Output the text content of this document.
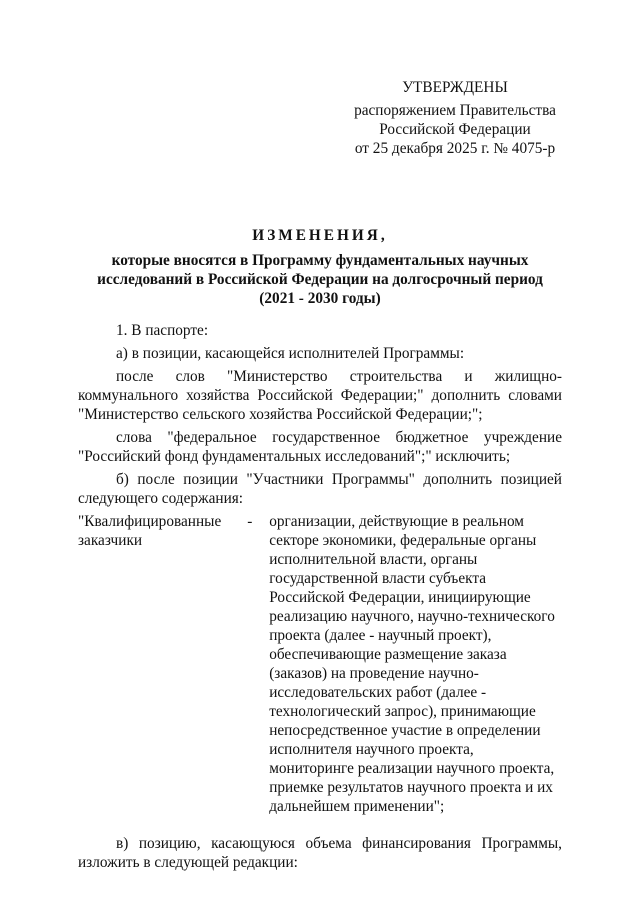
УТВЕРЖДЕНЫ
распоряжением Правительства
Российской Федерации
от 25 декабря 2025 г. № 4075-р
ИЗМЕНЕНИЯ,
которые вносятся в Программу фундаментальных научных
исследований в Российской Федерации на долгосрочный период
(2021 - 2030 годы)

1. В паспорте:

а) в позиции, касающейся исполнителей Программы:

после слов "Министерство строительства и жилищно-коммунального хозяйства Российской Федерации;" дополнить словами "Министерство сельского хозяйства Российской Федерации;";

слова "федеральное государственное бюджетное учреждение "Российский фонд фундаментальных исследований";" исключить;

б) после позиции "Участники Программы" дополнить позицией следующего содержания:

"Квалифицированные заказчики
-	организации, действующие в реальном секторе экономики, федеральные органы исполнительной власти, органы государственной власти субъекта Российской Федерации, инициирующие реализацию научного, научно-технического проекта (далее - научный проект), обеспечивающие размещение заказа (заказов) на проведение научно-исследовательских работ (далее - технологический запрос), принимающие непосредственное участие в определении исполнителя научного проекта, мониторинге реализации научного проекта, приемке результатов научного проекта и их дальнейшем применении";

в) позицию, касающуюся объема финансирования Программы, изложить в следующей редакции:
